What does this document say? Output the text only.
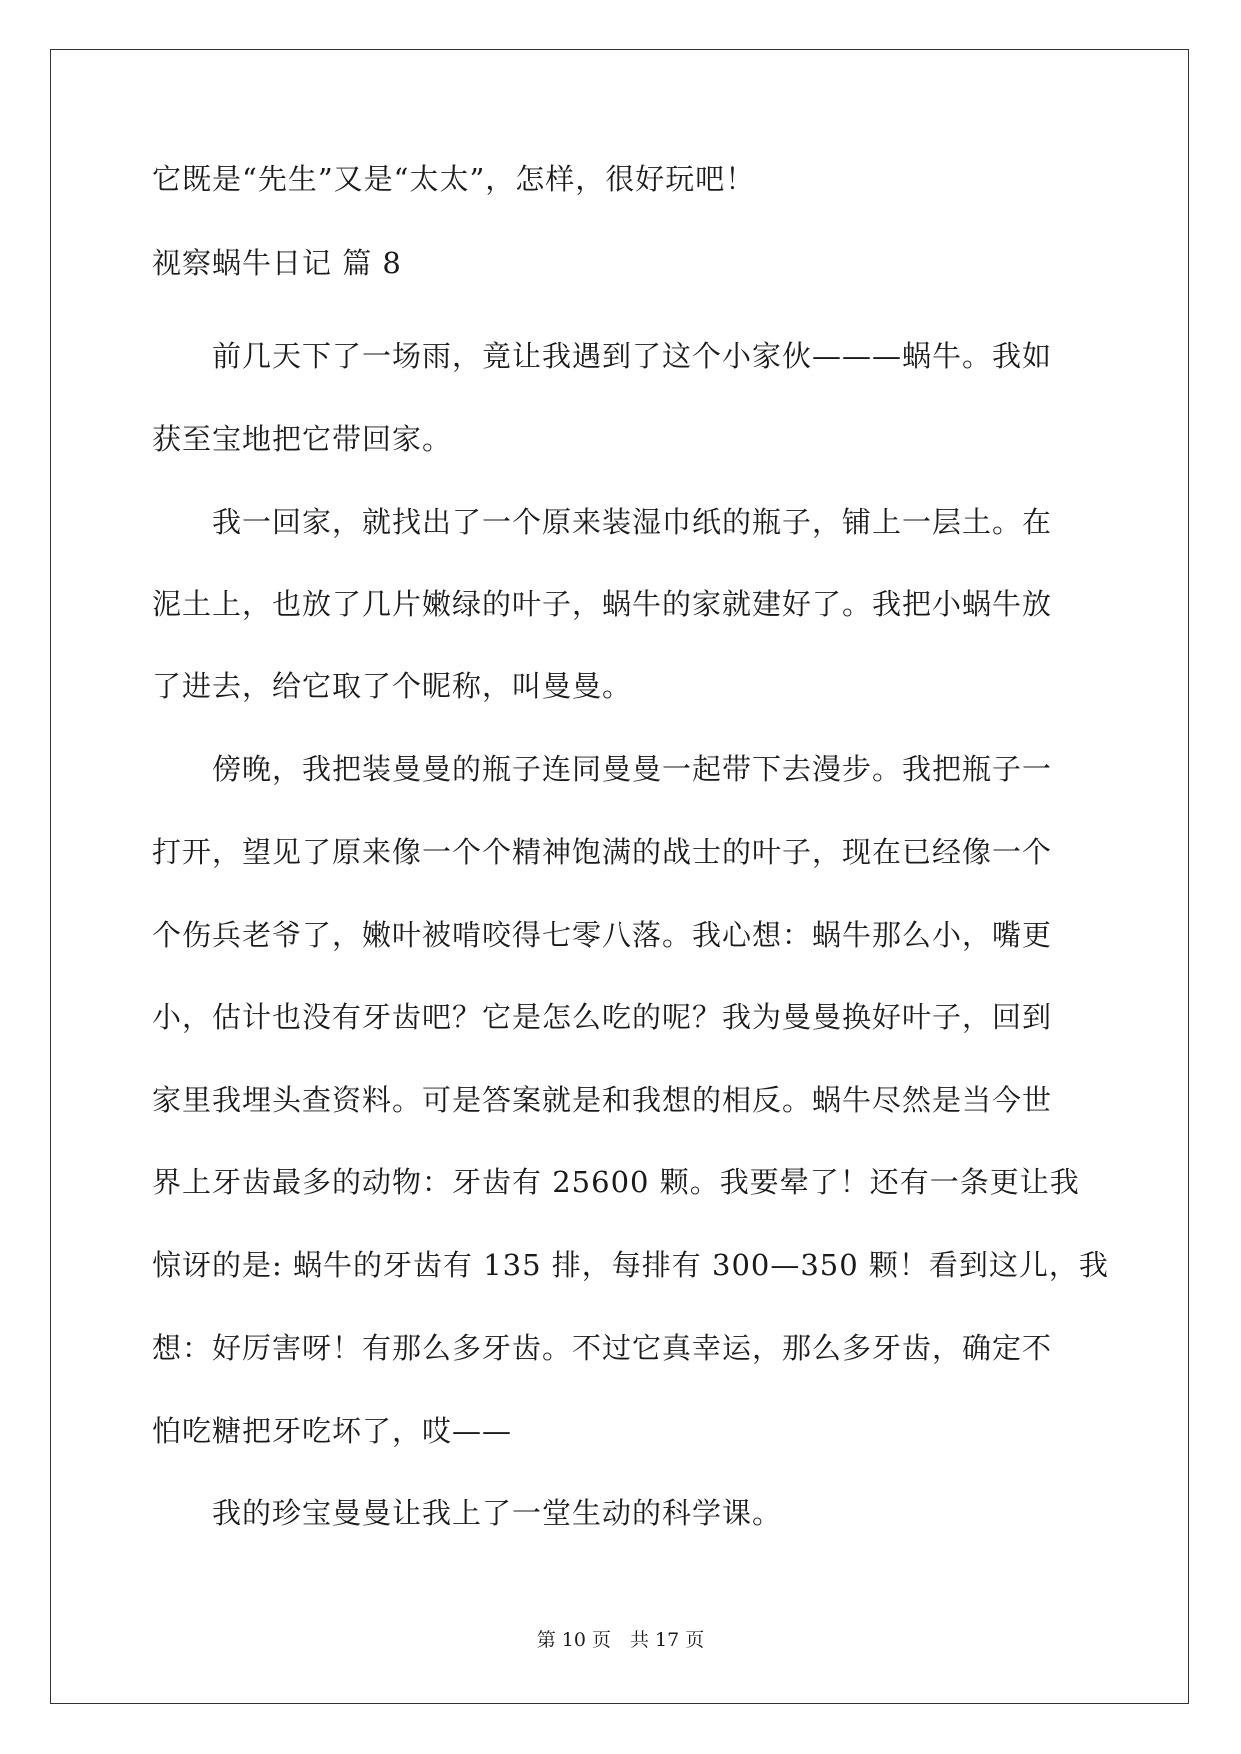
它既是“先生”又是“太太”，怎样，很好玩吧！
视察蜗牛日记 篇 8
　　前几天下了一场雨，竟让我遇到了这个小家伙———蜗牛。我如
获至宝地把它带回家。
　　我一回家，就找出了一个原来装湿巾纸的瓶子，铺上一层土。在
泥土上，也放了几片嫩绿的叶子，蜗牛的家就建好了。我把小蜗牛放
了进去，给它取了个昵称，叫曼曼。
　　傍晚，我把装曼曼的瓶子连同曼曼一起带下去漫步。我把瓶子一
打开，望见了原来像一个个精神饱满的战士的叶子，现在已经像一个
个伤兵老爷了，嫩叶被啃咬得七零八落。我心想：蜗牛那么小，嘴更
小，估计也没有牙齿吧？它是怎么吃的呢？我为曼曼换好叶子，回到
家里我埋头查资料。可是答案就是和我想的相反。蜗牛尽然是当今世
界上牙齿最多的动物：牙齿有 25600 颗。我要晕了！还有一条更让我
惊讶的是: 蜗牛的牙齿有 135 排，每排有 300—350 颗！看到这儿，我
想：好厉害呀！有那么多牙齿。不过它真幸运，那么多牙齿，确定不
怕吃糖把牙吃坏了，哎——
　　我的珍宝曼曼让我上了一堂生动的科学课。
第 10 页　共 17 页
